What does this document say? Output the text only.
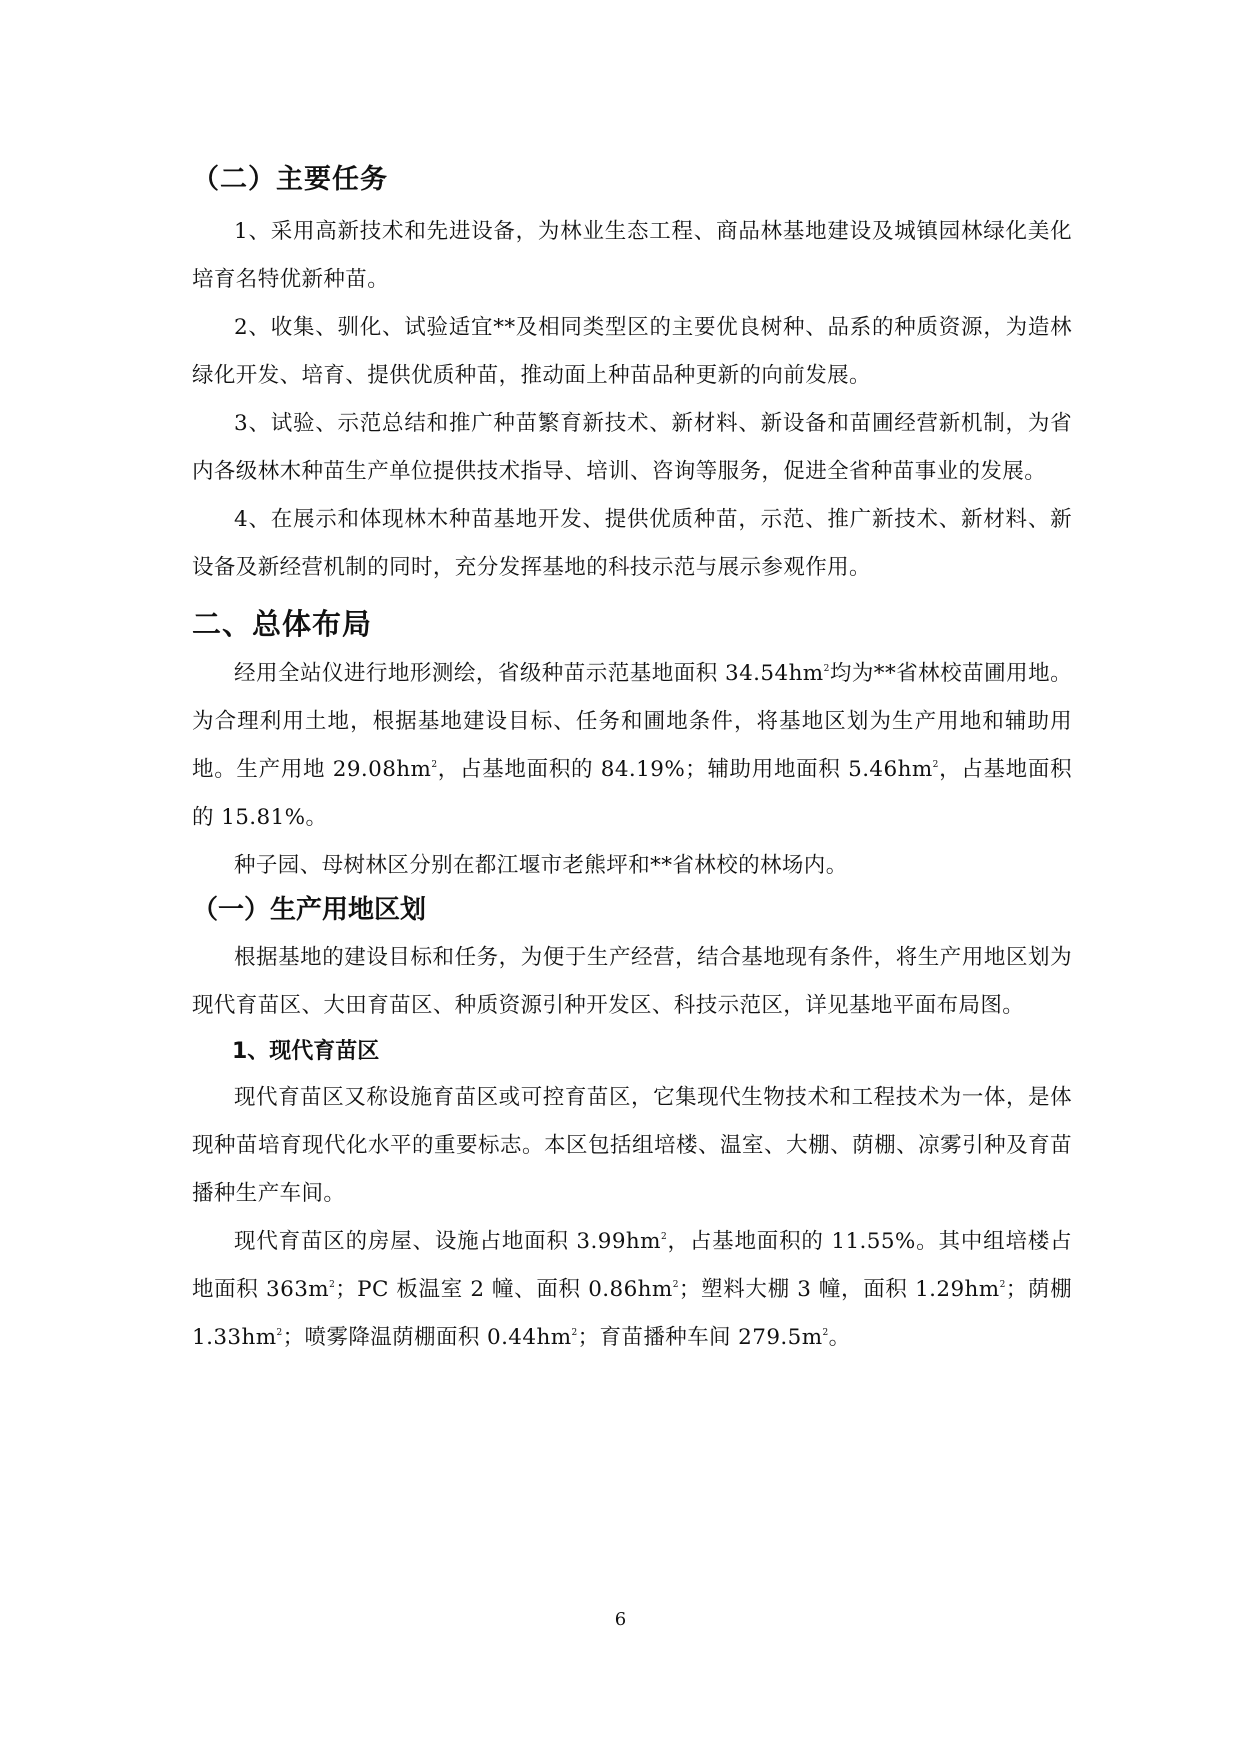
（二）主要任务

1、采用高新技术和先进设备，为林业生态工程、商品林基地建设及城镇园林绿化美化培育名特优新种苗。

2、收集、驯化、试验适宜**及相同类型区的主要优良树种、品系的种质资源，为造林绿化开发、培育、提供优质种苗，推动面上种苗品种更新的向前发展。

3、试验、示范总结和推广种苗繁育新技术、新材料、新设备和苗圃经营新机制，为省内各级林木种苗生产单位提供技术指导、培训、咨询等服务，促进全省种苗事业的发展。

4、在展示和体现林木种苗基地开发、提供优质种苗，示范、推广新技术、新材料、新设备及新经营机制的同时，充分发挥基地的科技示范与展示参观作用。

二、总体布局

经用全站仪进行地形测绘，省级种苗示范基地面积 $34.54hm^2$均为**省林校苗圃用地。为合理利用土地，根据基地建设目标、任务和圃地条件，将基地区划为生产用地和辅助用地。生产用地 $29.08hm^2$，占基地面积的 84.19%；辅助用地面积 $5.46hm^2$，占基地面积的 15.81%。

种子园、母树林区分别在都江堰市老熊坪和**省林校的林场内。

（一）生产用地区划

根据基地的建设目标和任务，为便于生产经营，结合基地现有条件，将生产用地区划为现代育苗区、大田育苗区、种质资源引种开发区、科技示范区，详见基地平面布局图。

1、现代育苗区

现代育苗区又称设施育苗区或可控育苗区，它集现代生物技术和工程技术为一体，是体现种苗培育现代化水平的重要标志。本区包括组培楼、温室、大棚、荫棚、凉雾引种及育苗播种生产车间。

现代育苗区的房屋、设施占地面积 $3.99hm^2$，占基地面积的 11.55%。其中组培楼占地面积 $363m^2$；PC 板温室 2 幢、面积 $0.86hm^2$；塑料大棚 3 幢，面积 $1.29hm^2$；荫棚 $1.33hm^2$；喷雾降温荫棚面积 $0.44hm^2$；育苗播种车间 $279.5m^2$。

6
